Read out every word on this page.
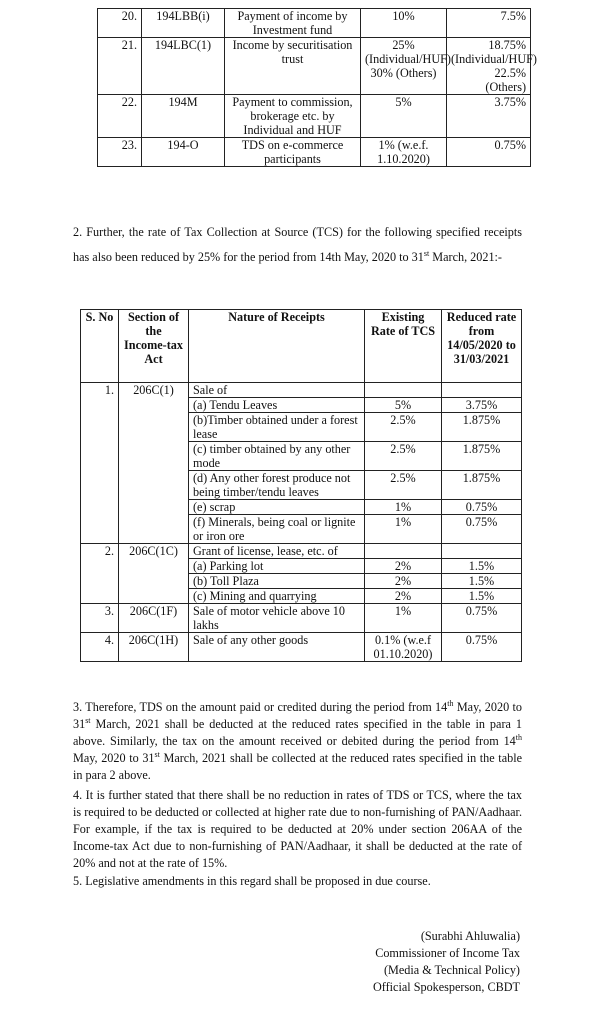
20.	194LBB(i)	Payment of income by Investment fund	10%	7.5%
21.	194LBC(1)	Income by securitisation trust	25% (Individual/HUF) 30% (Others)	18.75% (Individual/HUF) 22.5% (Others)
22.	194M	Payment to commission, brokerage etc. by Individual and HUF	5%	3.75%
23.	194-O	TDS on e-commerce participants	1% (w.e.f. 1.10.2020)	0.75%

2. Further, the rate of Tax Collection at Source (TCS) for the following specified receipts has also been reduced by 25% for the period from 14th May, 2020 to 31st March, 2021:-

S. No	Section of the Income-tax Act	Nature of Receipts	Existing Rate of TCS	Reduced rate from 14/05/2020 to 31/03/2021
1.	206C(1)	Sale of		
		(a) Tendu Leaves	5%	3.75%
		(b)Timber obtained under a forest lease	2.5%	1.875%
		(c) timber obtained by any other mode	2.5%	1.875%
		(d) Any other forest produce not being timber/tendu leaves	2.5%	1.875%
		(e) scrap	1%	0.75%
		(f) Minerals, being coal or lignite or iron ore	1%	0.75%
2.	206C(1C)	Grant of license, lease, etc. of		
		(a) Parking lot	2%	1.5%
		(b) Toll Plaza	2%	1.5%
		(c) Mining and quarrying	2%	1.5%
3.	206C(1F)	Sale of motor vehicle above 10 lakhs	1%	0.75%
4.	206C(1H)	Sale of any other goods	0.1% (w.e.f 01.10.2020)	0.75%

3. Therefore, TDS on the amount paid or credited during the period from 14th May, 2020 to 31st March, 2021 shall be deducted at the reduced rates specified in the table in para 1 above. Similarly, the tax on the amount received or debited during the period from 14th May, 2020 to 31st March, 2021 shall be collected at the reduced rates specified in the table in para 2 above.

4. It is further stated that there shall be no reduction in rates of TDS or TCS, where the tax is required to be deducted or collected at higher rate due to non-furnishing of PAN/Aadhaar. For example, if the tax is required to be deducted at 20% under section 206AA of the Income-tax Act due to non-furnishing of PAN/Aadhaar, it shall be deducted at the rate of 20% and not at the rate of 15%.

5. Legislative amendments in this regard shall be proposed in due course.

(Surabhi Ahluwalia)
Commissioner of Income Tax
(Media & Technical Policy)
Official Spokesperson, CBDT
